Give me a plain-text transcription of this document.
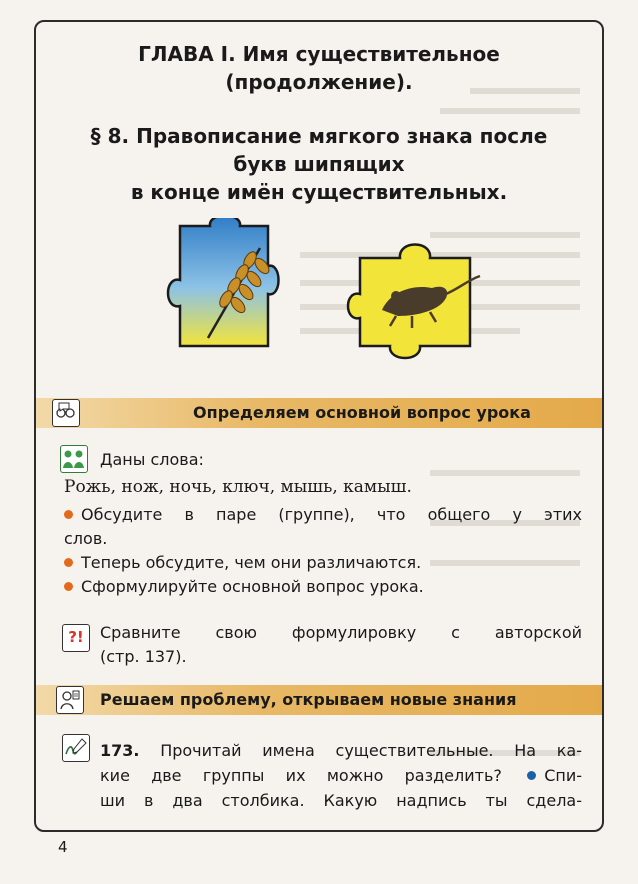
ГЛАВА I. Имя существительное
(продолжение).
§ 8. Правописание мягкого знака после
букв шипящих
в конце имён существительных.
Определяем основной вопрос урока
Даны слова:
Рожь, нож, ночь, ключ, мышь, камыш.
Обсудите в паре (группе), что общего у этих
слов.
Теперь обсудите, чем они различаются.
Сформулируйте основной вопрос урока.
?!	Сравните свою формулировку с авторской
(стр. 137).
Решаем проблему, открываем новые знания
173. Прочитай имена существительные. На ка-
кие две группы их можно разделить?	Спи-
ши в два столбика. Какую надпись ты сдела-
4
